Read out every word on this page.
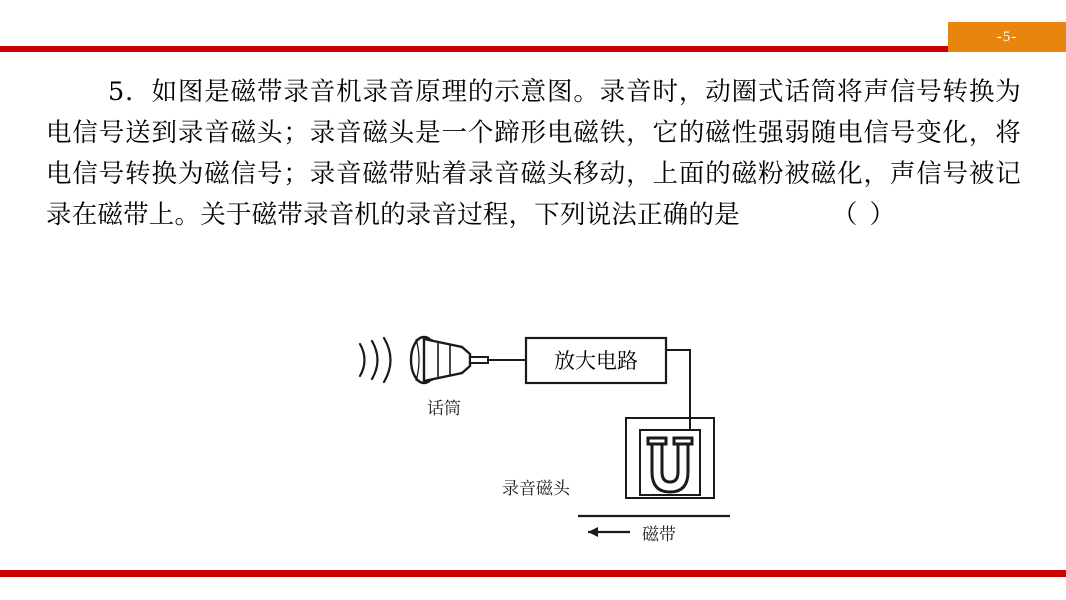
-5-
5．如图是磁带录音机录音原理的示意图。录音时，动圈式话筒将声信号转换为电信号送到录音磁头；录音磁头是一个蹄形电磁铁，它的磁性强弱随电信号变化，将电信号转换为磁信号；录音磁带贴着录音磁头移动，上面的磁粉被磁化，声信号被记录在磁带上。关于磁带录音机的录音过程，下列说法正确的是	（ ）
放大电路
话筒
录音磁头
磁带
